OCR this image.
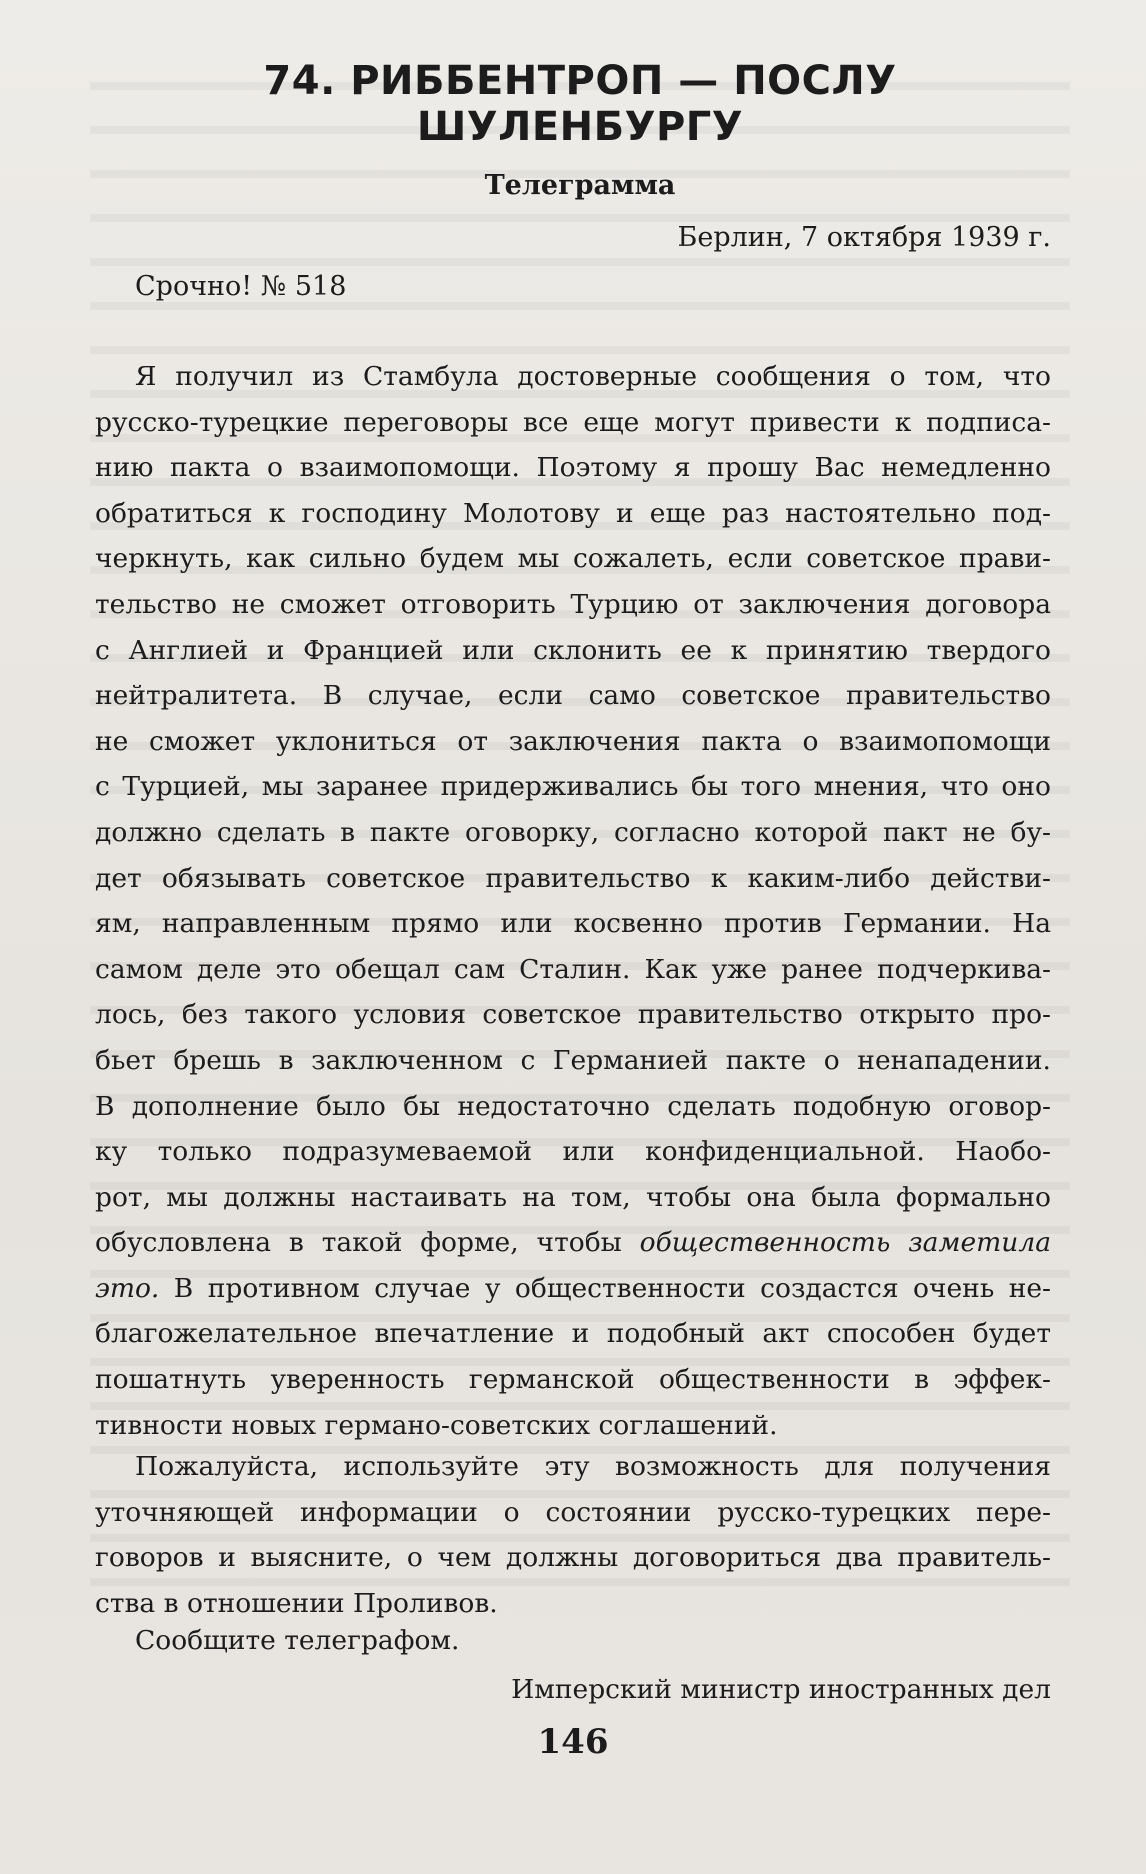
74. РИББЕНТРОП — ПОСЛУ
ШУЛЕНБУРГУ
Телеграмма
Берлин, 7 октября 1939 г.
Срочно! № 518
Я получил из Стамбула достоверные сообщения о том, что
русско-турецкие переговоры все еще могут привести к подписа-
нию пакта о взаимопомощи. Поэтому я прошу Вас немедленно
обратиться к господину Молотову и еще раз настоятельно под-
черкнуть, как сильно будем мы сожалеть, если советское прави-
тельство не сможет отговорить Турцию от заключения договора
с Англией и Францией или склонить ее к принятию твердого
нейтралитета. В случае, если само советское правительство
не сможет уклониться от заключения пакта о взаимопомощи
с Турцией, мы заранее придерживались бы того мнения, что оно
должно сделать в пакте оговорку, согласно которой пакт не бу-
дет обязывать советское правительство к каким-либо действи-
ям, направленным прямо или косвенно против Германии. На
самом деле это обещал сам Сталин. Как уже ранее подчеркива-
лось, без такого условия советское правительство открыто про-
бьет брешь в заключенном с Германией пакте о ненападении.
В дополнение было бы недостаточно сделать подобную оговор-
ку только подразумеваемой или конфиденциальной. Наобо-
рот, мы должны настаивать на том, чтобы она была формально
обусловлена в такой форме, чтобы общественность заметила
это. В противном случае у общественности создастся очень не-
благожелательное впечатление и подобный акт способен будет
пошатнуть уверенность германской общественности в эффек-
тивности новых германо-советских соглашений.
Пожалуйста, используйте эту возможность для получения
уточняющей информации о состоянии русско-турецких пере-
говоров и выясните, о чем должны договориться два правитель-
ства в отношении Проливов.
Сообщите телеграфом.
Имперский министр иностранных дел
146
